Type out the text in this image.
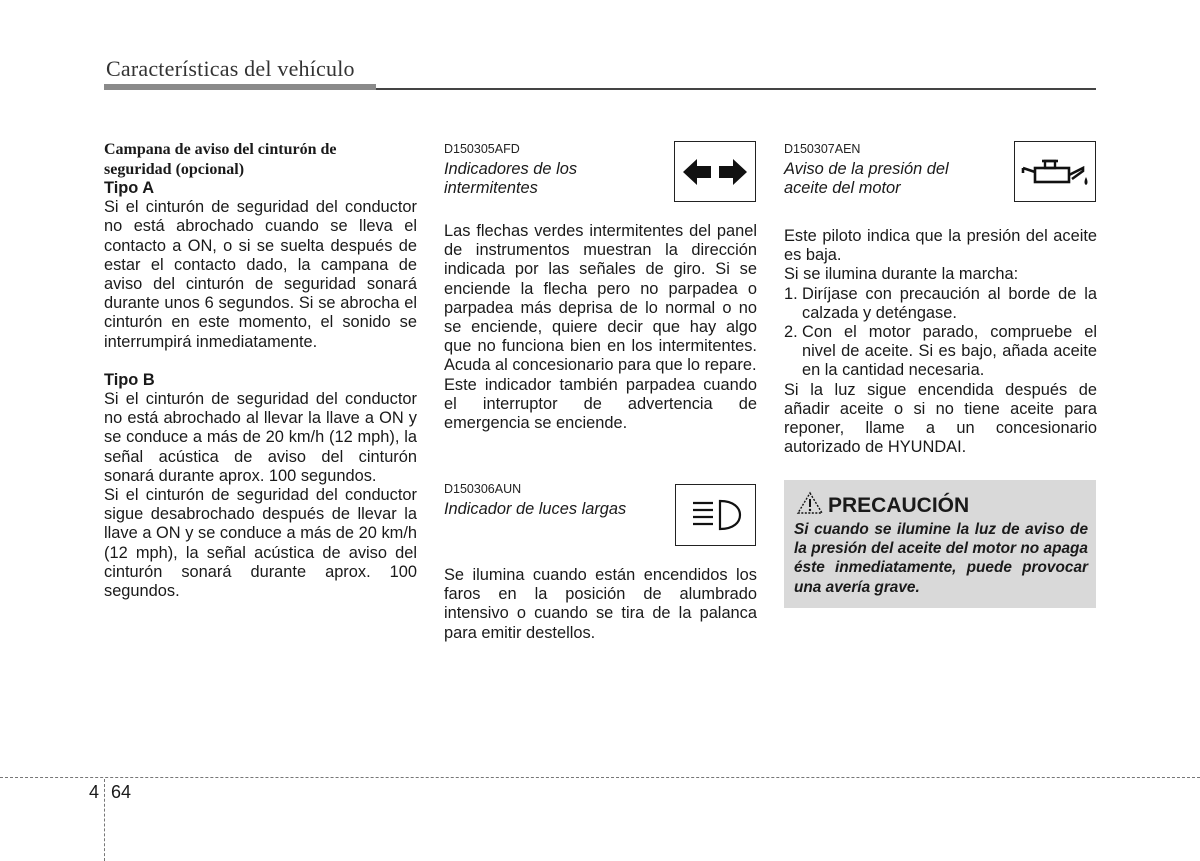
Características del vehículo

Campana de aviso del cinturón de

seguridad (opcional)

Tipo A

Si el cinturón de seguridad del conductor no está abrochado cuando se lleva el contacto a ON, o si se suelta después de estar el contacto dado, la campana de aviso del cinturón de seguridad sonará durante unos 6 segundos. Si se abrocha el cinturón en este momento, el sonido se interrumpirá inmediatamente.

Tipo B

Si el cinturón de seguridad del conductor no está abrochado al llevar la llave a ON y se conduce a más de 20 km/h (12 mph), la señal acústica de aviso del cinturón sonará durante aprox. 100 segundos.

Si el cinturón de seguridad del conductor sigue desabrochado después de llevar la llave a ON y se conduce a más de 20 km/h (12 mph), la señal acústica de aviso del cinturón sonará durante aprox. 100 segundos.

D150305AFD

Indicadores de los

intermitentes

Las flechas verdes intermitentes del panel de instrumentos muestran la dirección indicada por las señales de giro. Si se enciende la flecha pero no parpadea o parpadea más deprisa de lo normal o no se enciende, quiere decir que hay algo que no funciona bien en los intermitentes. Acuda al concesionario para que lo repare.

Este indicador también parpadea cuando el interruptor de advertencia de emergencia se enciende.

D150306AUN
Indicador de luces largas

Se ilumina cuando están encendidos los faros en la posición de alumbrado intensivo o cuando se tira de la palanca para emitir destellos.

D150307AEN

Aviso de la presión del

aceite del motor

Este piloto indica que la presión del aceite es baja.

Si se ilumina durante la marcha:

1. Diríjase con precaución al borde de la calzada y deténgase.
2. Con el motor parado, compruebe el nivel de aceite. Si es bajo, añada aceite en la cantidad necesaria.

Si la luz sigue encendida después de añadir aceite o si no tiene aceite para reponer, llame a un concesionario autorizado de HYUNDAI.

PRECAUCIÓN
Si cuando se ilumine la luz de aviso de la presión del aceite del motor no apaga éste inmediatamente, puede provocar una avería grave.
4 64
